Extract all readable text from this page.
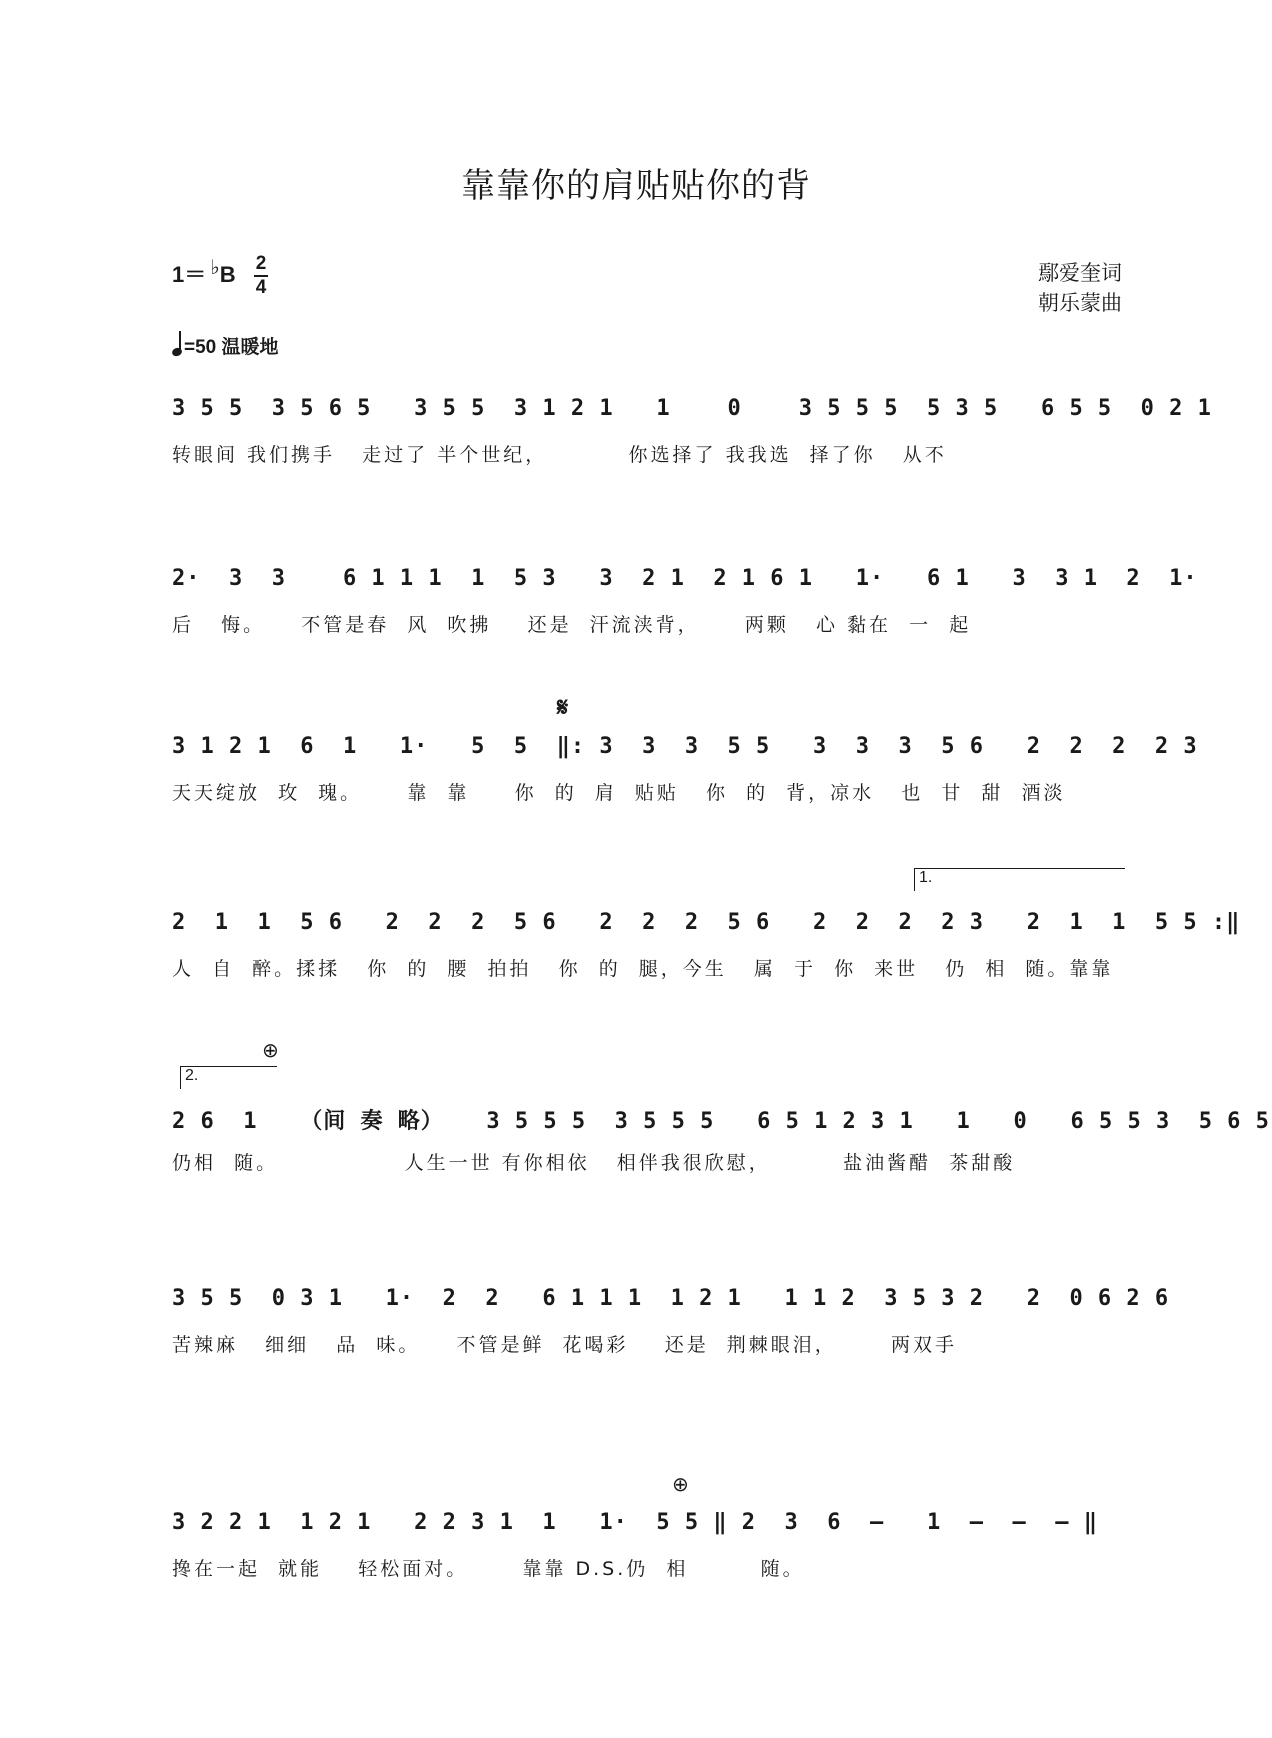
靠靠你的肩贴贴你的背
1＝ ♭B 2
4
鄢爱奎词
朝乐蒙曲
=50 温暖地
3 5 5  3 5 6 5   3 5 5  3 1 2 1   1    0    3 5 5 5  5 3 5   6 5 5  0 2 1
转眼间 我们携手   走过了 半个世纪，         你选择了 我我选  择了你   从不
2·  3  3    6 1 1 1  1  5 3   3  2 1  2 1 6 1   1·   6 1   3  3 1  2  1·
后   悔。    不管是春  风  吹拂    还是  汗流浃背，     两颗   心 黏在  一  起
𝄋
3 1 2 1  6  1   1·   5  5  ‖: 3  3  3  5 5   3  3  3  5 6   2  2  2  2 3
天天绽放  玫  瑰。     靠  靠     你  的  肩  贴贴   你  的  背，凉水   也  甘  甜  酒淡
1.
2  1  1  5 6   2  2  2  5 6   2  2  2  5 6   2  2  2  2 3   2  1  1  5 5 :‖
人  自  醉。揉揉   你  的  腰  拍拍   你  的  腿，今生   属  于  你  来世   仍  相  随。靠靠
⊕
2.
2 6  1   （间 奏 略）   3 5 5 5  3 5 5 5   6 5 1 2 3 1   1   0   6 5 5 3  5 6 5
仍相  随。              人生一世 有你相依   相伴我很欣慰，        盐油酱醋  茶甜酸
3 5 5  0 3 1   1·  2  2   6 1 1 1  1 2 1   1 1 2  3 5 3 2   2  0 6 2 6
苦辣麻   细细   品  味。    不管是鲜  花喝彩    还是  荆棘眼泪，      两双手
⊕
3 2 2 1  1 2 1   2 2 3 1  1   1·  5 5 ‖ 2  3  6  —   1  —  —  — ‖
搀在一起  就能    轻松面对。      靠靠 D.S.仍  相        随。
